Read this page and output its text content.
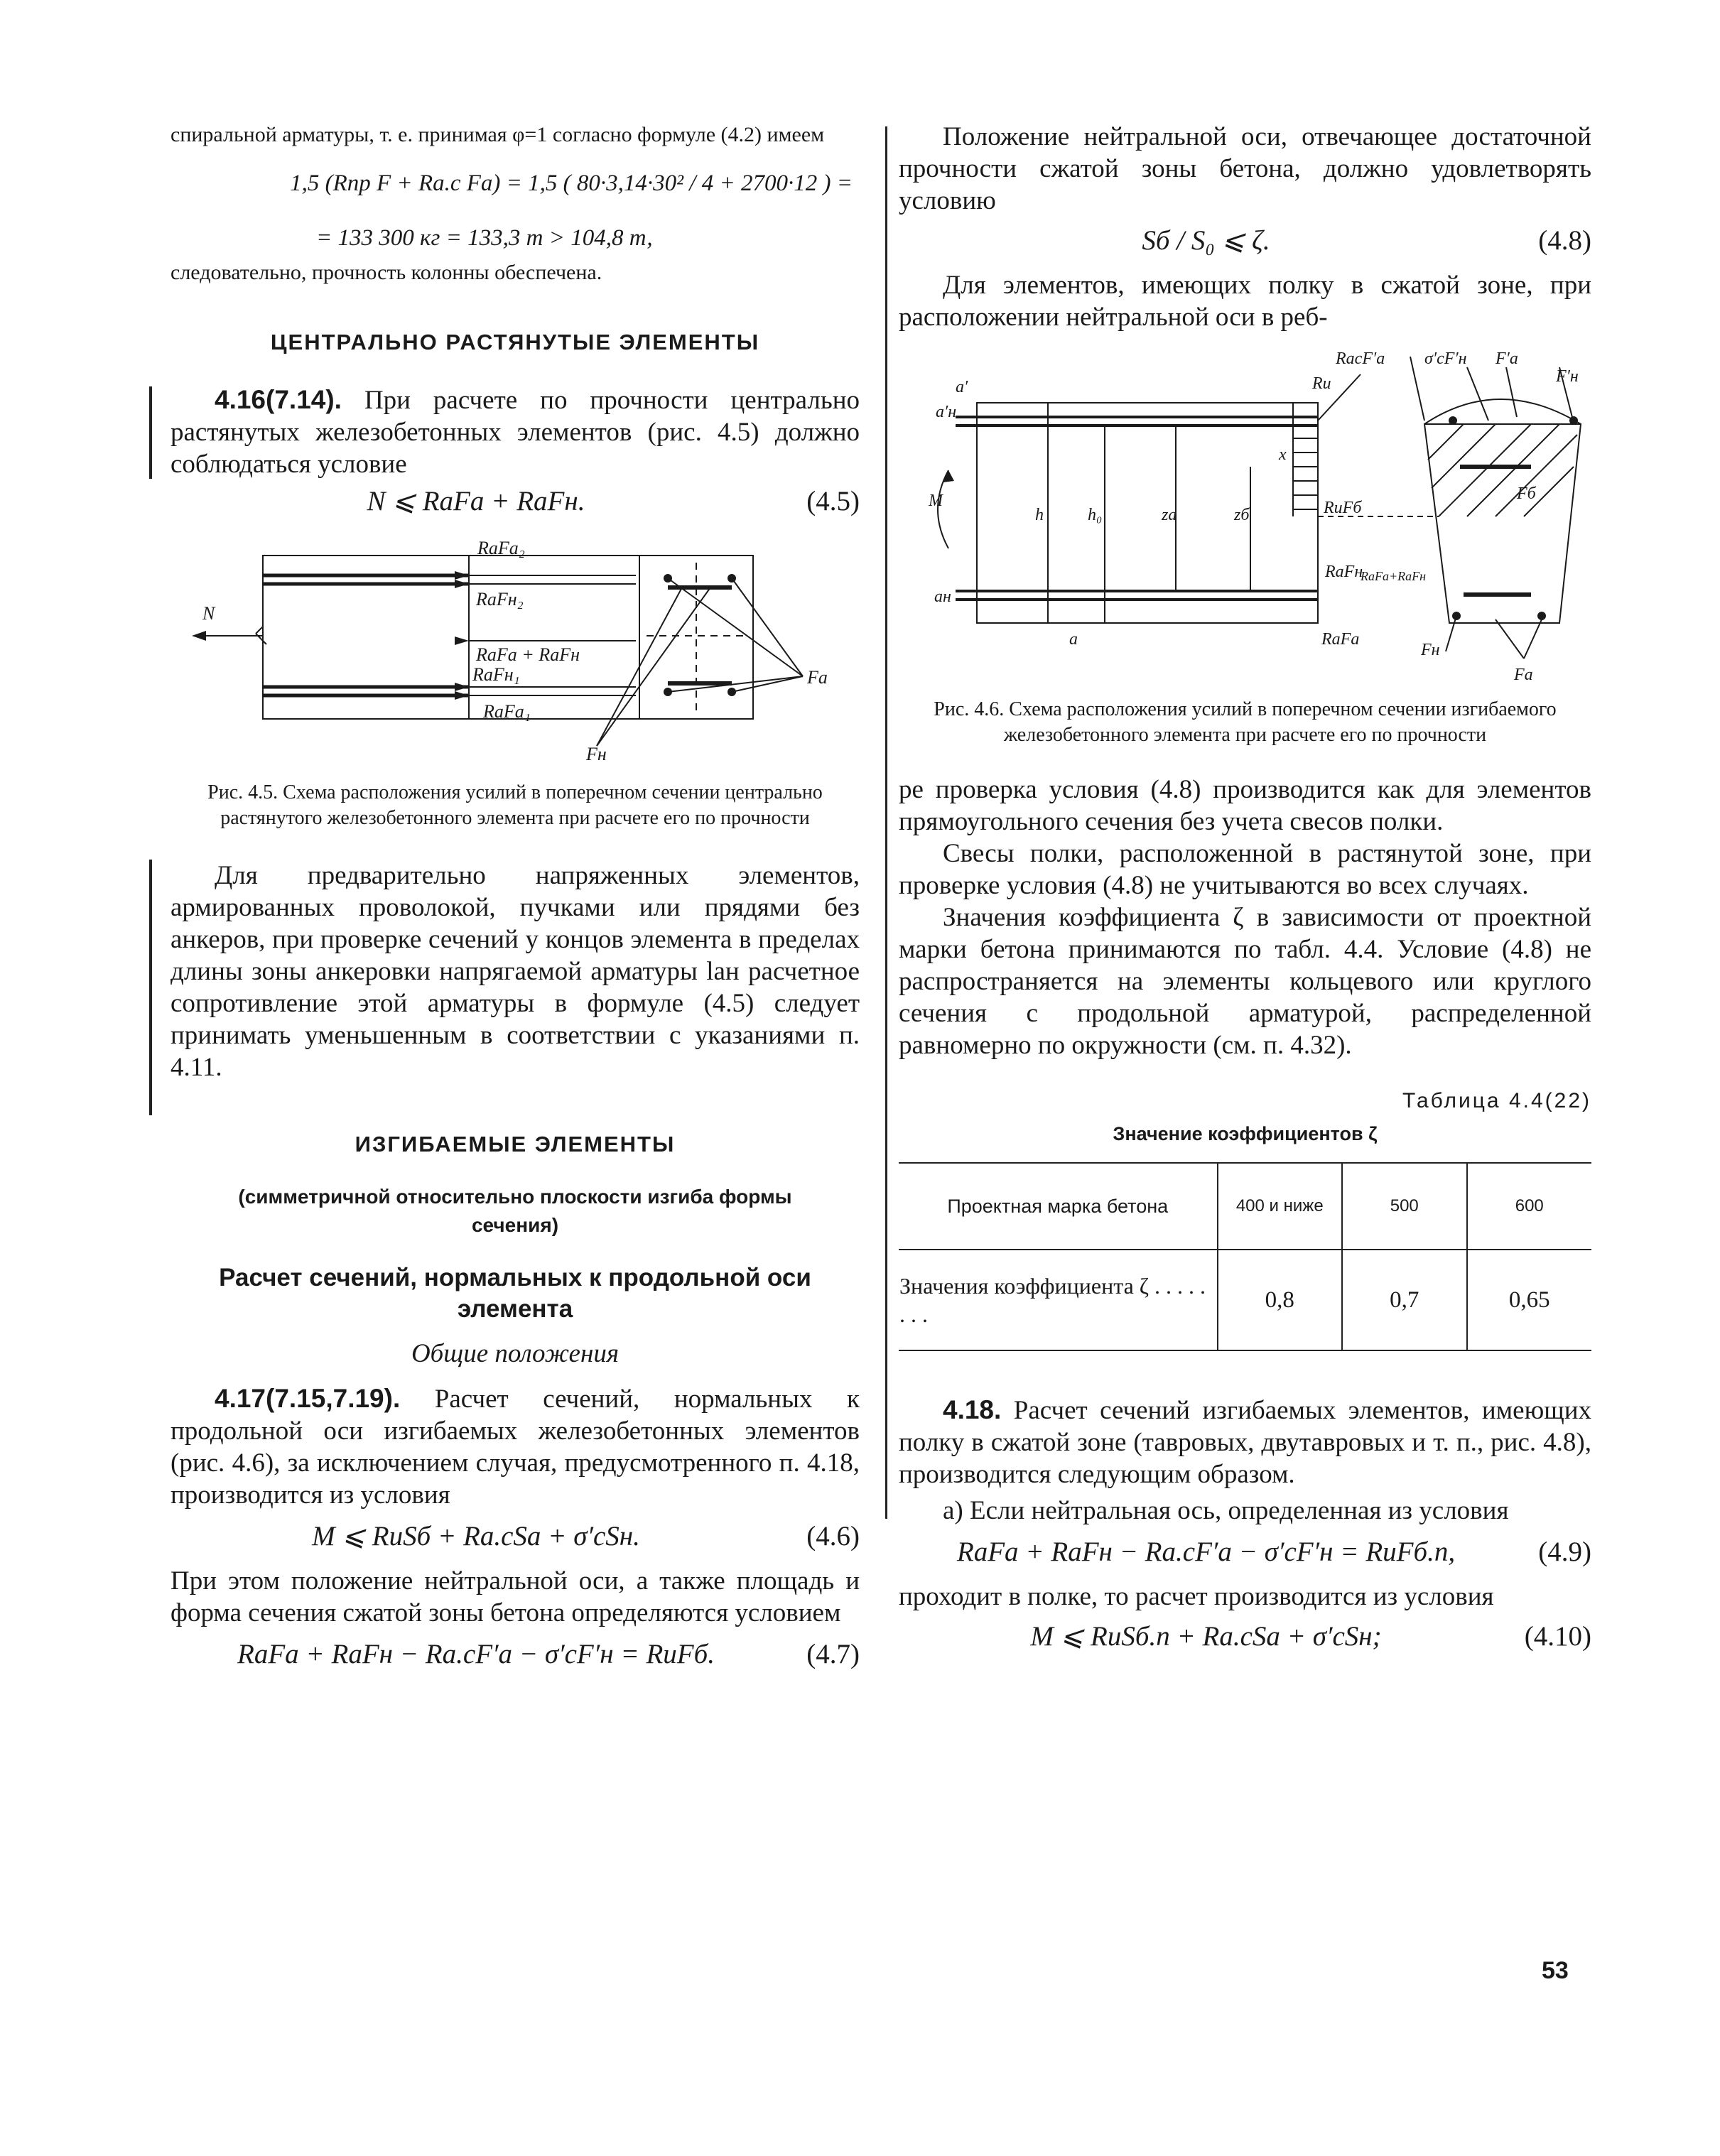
спиральной арматуры, т. е. принимая φ=1 согласно формуле (4.2) имеем

1,5 (Rпр F + Rа.с Fа) = 1,5 ( 80·3,14·30² / 4 + 2700·12 ) =
= 133 300 кг = 133,3 т > 104,8 т,

следовательно, прочность колонны обеспечена.

ЦЕНТРАЛЬНО РАСТЯНУТЫЕ ЭЛЕМЕНТЫ

4.16(7.14). При расчете по прочности центрально растянутых железобетонных элементов (рис. 4.5) должно соблюдаться условие

N ⩽ RаFа + RаFн.	(4.5)
N
RaFa₂
RaFн₂
RaFa + RaFн
RaFн₁
RaFa₁
Fa
Fн

Рис. 4.5. Схема расположения усилий в поперечном сечении центрально растянутого железобетонного элемента при расчете его по прочности

Для предварительно напряженных элементов, армированных проволокой, пучками или прядями без анкеров, при проверке сечений у концов элемента в пределах длины зоны анкеровки напрягаемой арматуры lан расчетное сопротивление этой арматуры в формуле (4.5) следует принимать уменьшенным в соответствии с указаниями п. 4.11.

ИЗГИБАЕМЫЕ ЭЛЕМЕНТЫ

(симметричной относительно плоскости изгиба формы сечения)

Расчет сечений, нормальных к продольной оси элемента

Общие положения

4.17(7.15,7.19). Расчет сечений, нормальных к продольной оси изгибаемых железобетонных элементов (рис. 4.6), за исключением случая, предусмотренного п. 4.18, производится из условия

M ⩽ RиSб + Rа.сSа + σ′сSн.	(4.6)

При этом положение нейтральной оси, а также площадь и форма сечения сжатой зоны бетона определяются условием

RаFа + RаFн − Rа.сF′а − σ′сF′н = RиFб.	(4.7)

Положение нейтральной оси, отвечающее достаточной прочности сжатой зоны бетона, должно удовлетворять условию

Sб / S₀ ⩽ ζ.	(4.8)

Для элементов, имеющих полку в сжатой зоне, при расположении нейтральной оси в реб-

M
h	h₀	za	zб
x
a′н
a′
aн
a
Rи
RacF′a σ′cF′н F′a
F′н
Fб
RиFб
RaFн
RaFa+RaFн
RaFa
Fн
Fa

Рис. 4.6. Схема расположения усилий в поперечном сечении изгибаемого железобетонного элемента при расчете его по прочности

ре проверка условия (4.8) производится как для элементов прямоугольного сечения без учета свесов полки.

Свесы полки, расположенной в растянутой зоне, при проверке условия (4.8) не учитываются во всех случаях.

Значения коэффициента ζ в зависимости от проектной марки бетона принимаются по табл. 4.4. Условие (4.8) не распространяется на элементы кольцевого или круглого сечения с продольной арматурой, распределенной равномерно по окружности (см. п. 4.32).

Таблица 4.4(22)

Значение коэффициентов ζ

Проектная марка бетона	400 и ниже	500	600
Значения коэффициента ζ . . . . . . . .	0,8	0,7	0,65

4.18. Расчет сечений изгибаемых элементов, имеющих полку в сжатой зоне (тавровых, двутавровых и т. п., рис. 4.8), производится следующим образом.

а) Если нейтральная ось, определенная из условия

RаFа + RаFн − Rа.сF′а − σ′сF′н = RиFб.п,	(4.9)

проходит в полке, то расчет производится из условия

M ⩽ RиSб.п + Rа.сSа + σ′сSн;	(4.10)
53
